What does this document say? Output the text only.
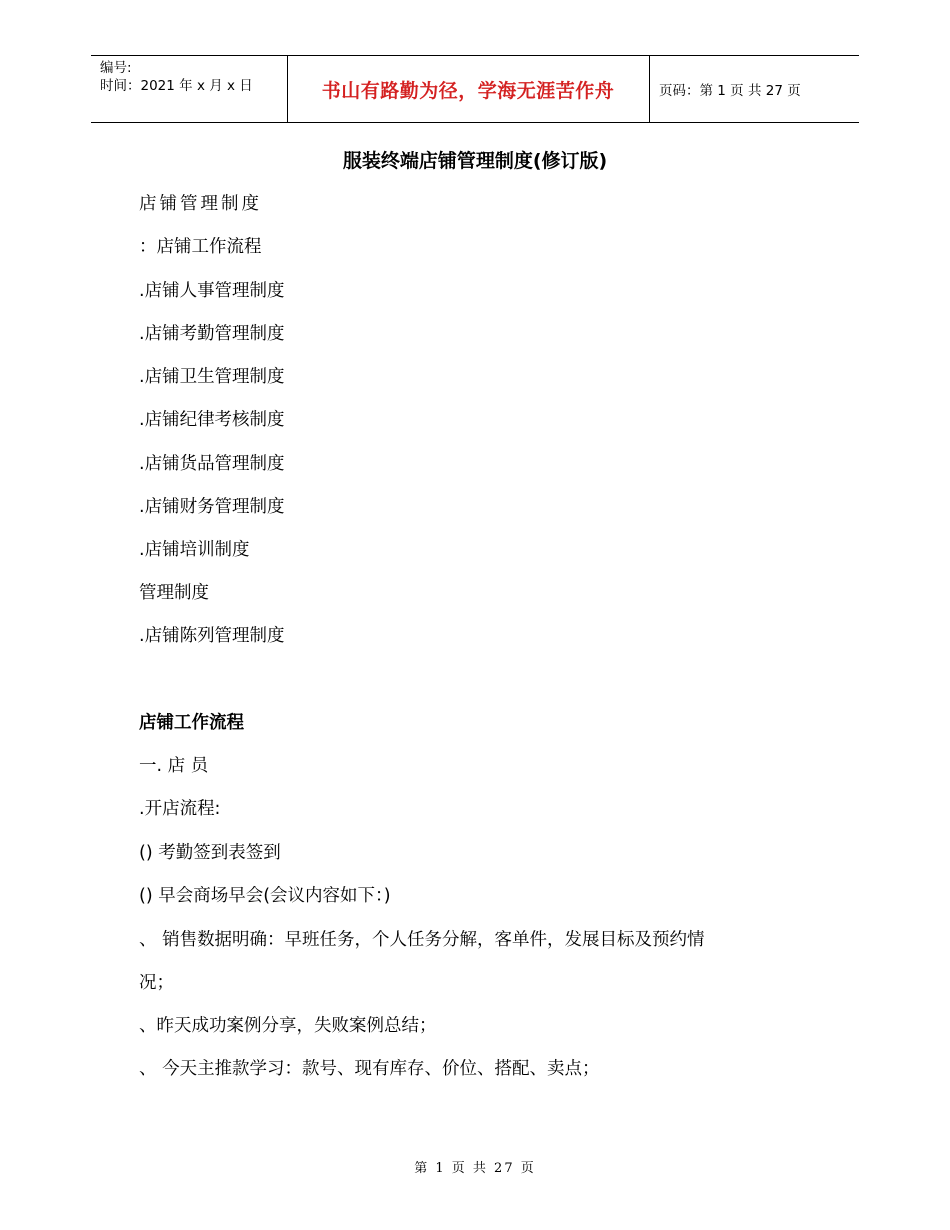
编号:
时间：2021 年 x 月 x 日	书山有路勤为径，学海无涯苦作舟	页码：第 1 页 共 27 页
服装终端店铺管理制度(修订版)
店铺管理制度
：店铺工作流程
.店铺人事管理制度
.店铺考勤管理制度
.店铺卫生管理制度
.店铺纪律考核制度
.店铺货品管理制度
.店铺财务管理制度
.店铺培训制度
管理制度
.店铺陈列管理制度
店铺工作流程
一. 店 员
.开店流程:
() 考勤签到表签到
() 早会商场早会(会议内容如下：)
、 销售数据明确：早班任务，个人任务分解，客单件，发展目标及预约情
况；
、昨天成功案例分享，失败案例总结；
、 今天主推款学习：款号、现有库存、价位、搭配、卖点；
第 1 页 共 27 页
